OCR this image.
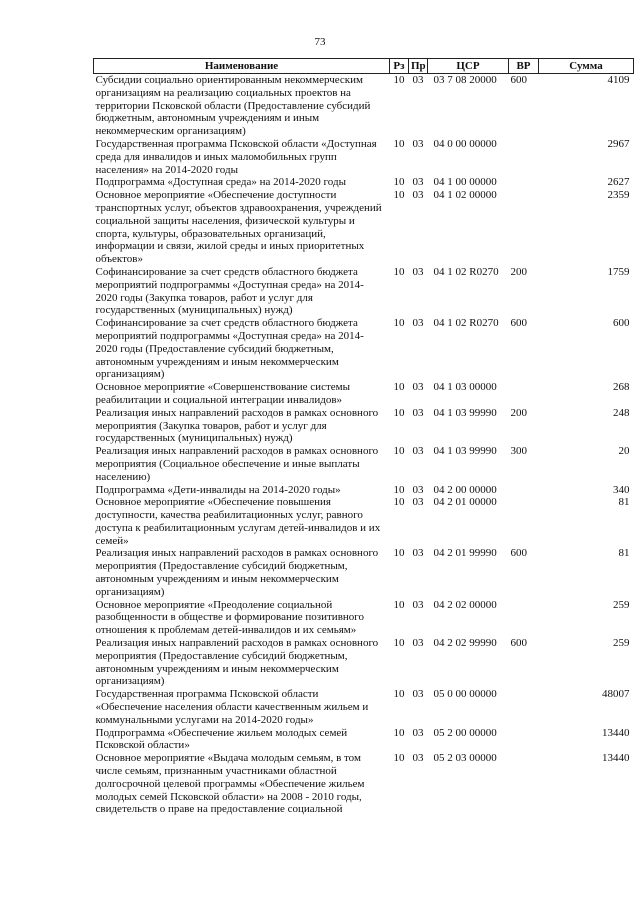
73
Наименование	Рз	Пр	ЦСР	ВР	Сумма
Субсидии социально ориентированным некоммерческим организациям на реализацию социальных проектов на территории Псковской области (Предоставление субсидий бюджетным, автономным учреждениям и иным некоммерческим организациям)	10	03	03 7 08 20000	600	4109
Государственная программа Псковской области «Доступная среда для инвалидов и иных маломобильных групп населения» на 2014-2020 годы	10	03	04 0 00 00000		2967
Подпрограмма «Доступная среда» на 2014-2020 годы	10	03	04 1 00 00000		2627
Основное мероприятие «Обеспечение доступности транспортных услуг, объектов здравоохранения, учреждений социальной защиты населения, физической культуры и спорта, культуры, образовательных организаций, информации и связи, жилой среды и иных приоритетных объектов»	10	03	04 1 02 00000		2359
Софинансирование за счет средств областного бюджета мероприятий подпрограммы «Доступная среда» на 2014-2020 годы (Закупка товаров, работ и услуг для государственных (муниципальных) нужд)	10	03	04 1 02 R0270	200	1759
Софинансирование за счет средств областного бюджета мероприятий подпрограммы «Доступная среда» на 2014-2020 годы (Предоставление субсидий бюджетным, автономным учреждениям и иным некоммерческим организациям)	10	03	04 1 02 R0270	600	600
Основное мероприятие «Совершенствование системы реабилитации и социальной интеграции инвалидов»	10	03	04 1 03 00000		268
Реализация иных направлений расходов в рамках основного мероприятия (Закупка товаров, работ и услуг для государственных (муниципальных) нужд)	10	03	04 1 03 99990	200	248
Реализация иных направлений расходов в рамках основного мероприятия (Социальное обеспечение и иные выплаты населению)	10	03	04 1 03 99990	300	20
Подпрограмма «Дети-инвалиды на 2014-2020 годы»	10	03	04 2 00 00000		340
Основное мероприятие «Обеспечение повышения доступности, качества реабилитационных услуг, равного доступа к реабилитационным услугам детей-инвалидов и их семей»	10	03	04 2 01 00000		81
Реализация иных направлений расходов в рамках основного мероприятия (Предоставление субсидий бюджетным, автономным учреждениям и иным некоммерческим организациям)	10	03	04 2 01 99990	600	81
Основное мероприятие «Преодоление социальной разобщенности в обществе и формирование позитивного отношения к проблемам детей-инвалидов и их семьям»	10	03	04 2 02 00000		259
Реализация иных направлений расходов в рамках основного мероприятия (Предоставление субсидий бюджетным, автономным учреждениям и иным некоммерческим организациям)	10	03	04 2 02 99990	600	259
Государственная программа Псковской области «Обеспечение населения области качественным жильем и коммунальными услугами на 2014-2020 годы»	10	03	05 0 00 00000		48007
Подпрограмма «Обеспечение жильем молодых семей Псковской области»	10	03	05 2 00 00000		13440
Основное мероприятие «Выдача молодым семьям, в том числе семьям, признанным участниками областной долгосрочной целевой программы «Обеспечение жильем молодых семей Псковской области» на 2008 - 2010 годы, свидетельств о праве на предоставление социальной	10	03	05 2 03 00000		13440
